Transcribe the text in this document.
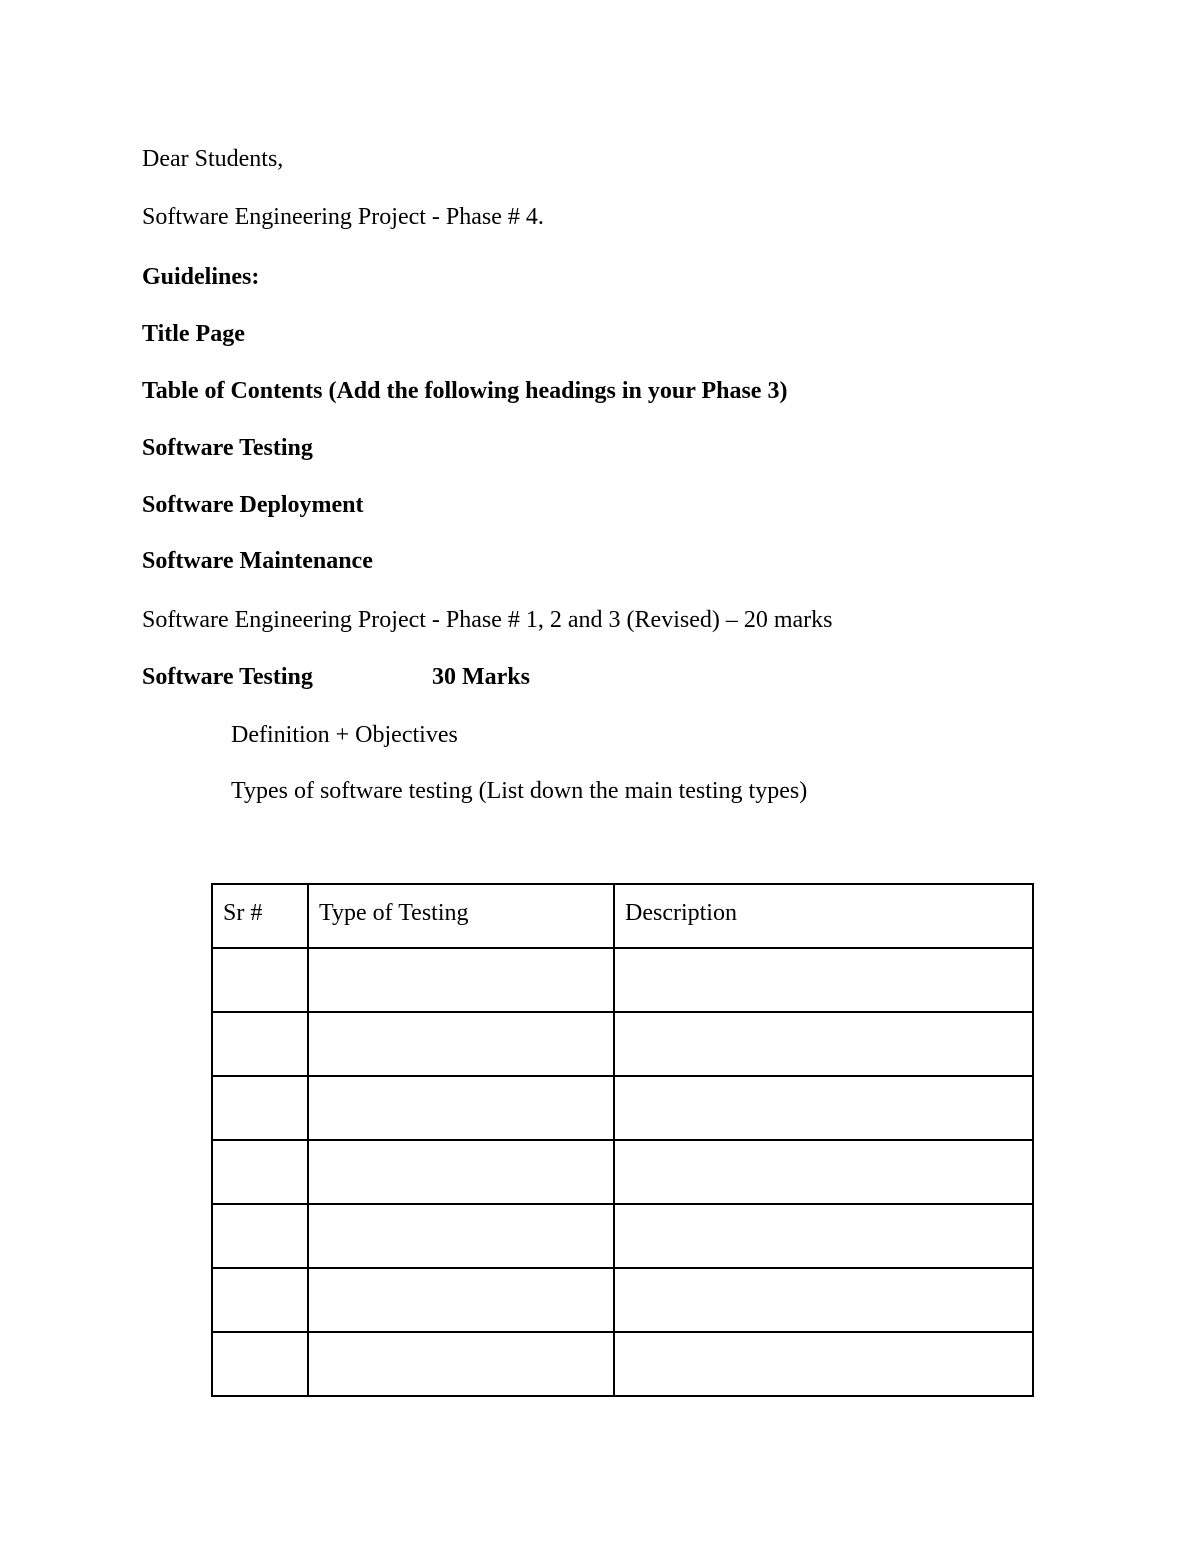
Dear Students,
Software Engineering Project - Phase # 4.
Guidelines:
Title Page
Table of Contents (Add the following headings in your Phase 3)
Software Testing
Software Deployment
Software Maintenance
Software Engineering Project - Phase # 1, 2 and 3 (Revised) – 20 marks
Software Testing	30 Marks
Definition + Objectives
Types of software testing (List down the main testing types)
Sr #	Type of Testing	Description
